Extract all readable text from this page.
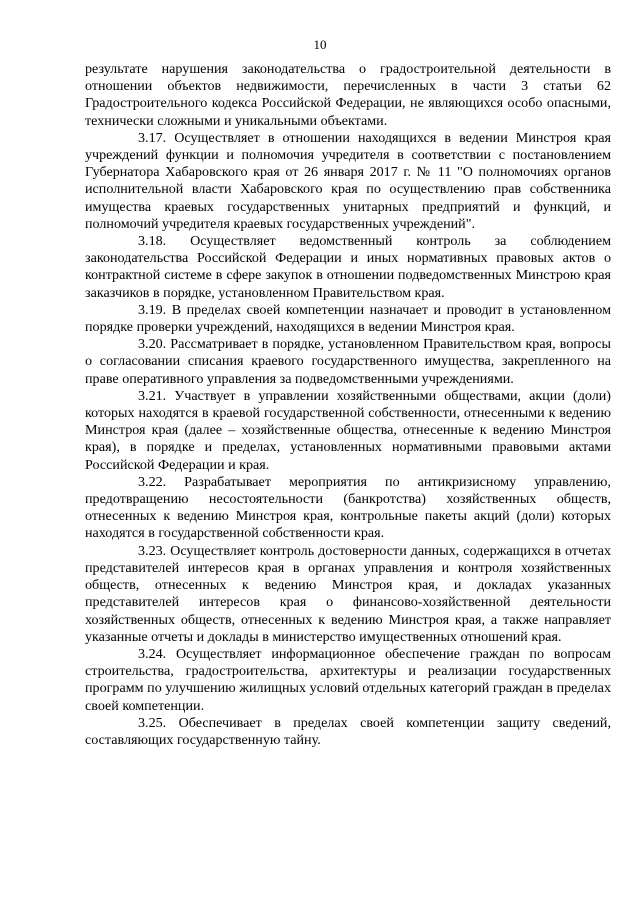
10

результате нарушения законодательства о градостроительной деятельности в отношении объектов недвижимости, перечисленных в части 3 статьи 62 Градостроительного кодекса Российской Федерации, не являющихся особо опасными, технически сложными и уникальными объектами.

3.17. Осуществляет в отношении находящихся в ведении Минстроя края учреждений функции и полномочия учредителя в соответствии с постановлением Губернатора Хабаровского края от 26 января 2017 г. № 11 "О полномочиях органов исполнительной власти Хабаровского края по осуществлению прав собственника имущества краевых государственных унитарных предприятий и функций, и полномочий учредителя краевых государственных учреждений".

3.18. Осуществляет ведомственный контроль за соблюдением законодательства Российской Федерации и иных нормативных правовых актов о контрактной системе в сфере закупок в отношении подведомственных Минстрою края заказчиков в порядке, установленном Правительством края.

3.19. В пределах своей компетенции назначает и проводит в установленном порядке проверки учреждений, находящихся в ведении Минстроя края.

3.20. Рассматривает в порядке, установленном Правительством края, вопросы о согласовании списания краевого государственного имущества, закрепленного на праве оперативного управления за подведомственными учреждениями.

3.21. Участвует в управлении хозяйственными обществами, акции (доли) которых находятся в краевой государственной собственности, отнесенными к ведению Минстроя края (далее – хозяйственные общества, отнесенные к ведению Минстроя края), в порядке и пределах, установленных нормативными правовыми актами Российской Федерации и края.

3.22. Разрабатывает мероприятия по антикризисному управлению, предотвращению несостоятельности (банкротства) хозяйственных обществ, отнесенных к ведению Минстроя края, контрольные пакеты акций (доли) которых находятся в государственной собственности края.

3.23. Осуществляет контроль достоверности данных, содержащихся в отчетах представителей интересов края в органах управления и контроля хозяйственных обществ, отнесенных к ведению Минстроя края, и докладах указанных представителей интересов края о финансово-хозяйственной деятельности хозяйственных обществ, отнесенных к ведению Минстроя края, а также направляет указанные отчеты и доклады в министерство имущественных отношений края.

3.24. Осуществляет информационное обеспечение граждан по вопросам строительства, градостроительства, архитектуры и реализации государственных программ по улучшению жилищных условий отдельных категорий граждан в пределах своей компетенции.

3.25. Обеспечивает в пределах своей компетенции защиту сведений, составляющих государственную тайну.
